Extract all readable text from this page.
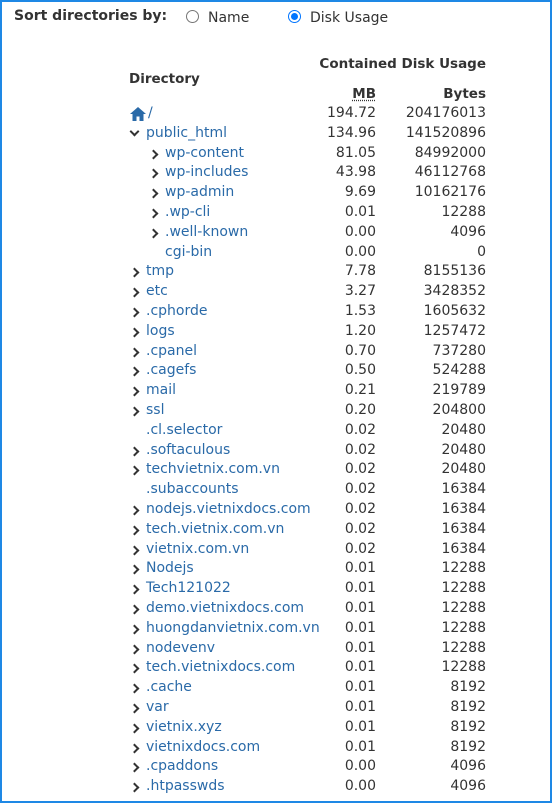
Sort directories by:	Name	Disk Usage
Contained Disk Usage
Directory
MB	Bytes
/	194.72 204176013
public_html	134.96 141520896
wp-content	81.05	84992000
wp-includes	43.98	46112768
wp-admin	9.69	10162176
.wp-cli	0.01	12288
.well-known	0.00	4096
cgi-bin	0.00	0
tmp	7.78	8155136
etc	3.27	3428352
.cphorde	1.53	1605632
logs	1.20	1257472
.cpanel	0.70	737280
.cagefs	0.50	524288
mail	0.21	219789
ssl	0.20	204800
.cl.selector	0.02	20480
.softaculous	0.02	20480
techvietnix.com.vn	0.02	20480
.subaccounts	0.02	16384
nodejs.vietnixdocs.com 0.02	16384
tech.vietnix.com.vn	0.02	16384
vietnix.com.vn	0.02	16384
Nodejs	0.01	12288
Tech121022	0.01	12288
demo.vietnixdocs.com	0.01	12288
huongdanvietnix.com.vn 0.01	12288
nodevenv	0.01	12288
tech.vietnixdocs.com	0.01	12288
.cache	0.01	8192
var	0.01	8192
vietnix.xyz	0.01	8192
vietnixdocs.com	0.01	8192
.cpaddons	0.00	4096
.htpasswds	0.00	4096
